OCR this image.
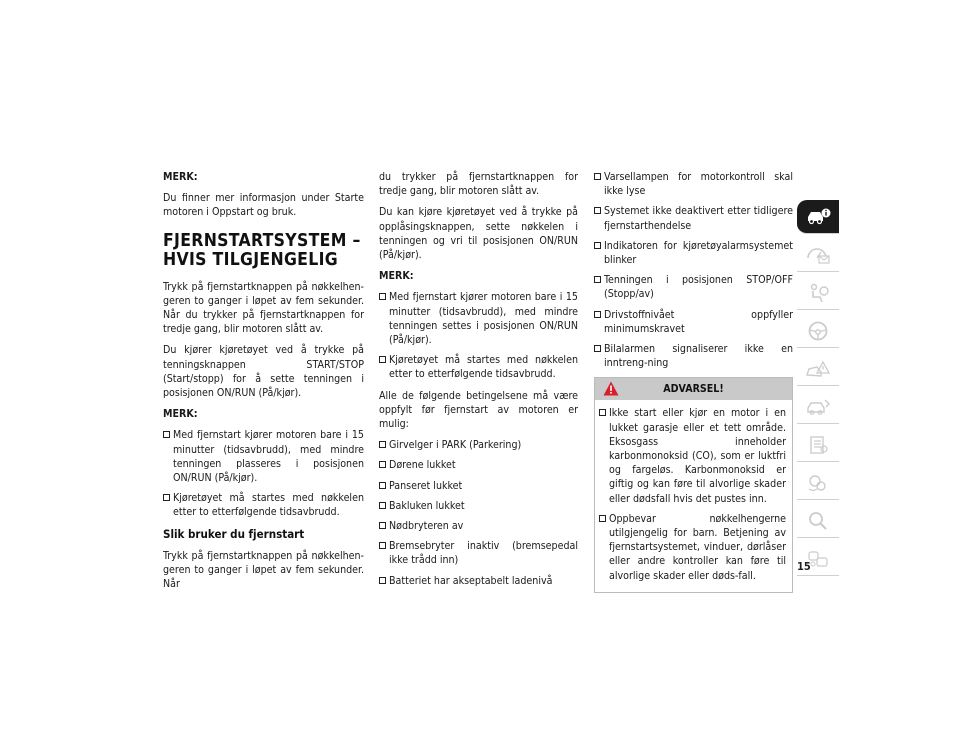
MERK:

Du finner mer informasjon under Starte motoren i Oppstart og bruk.

FJERNSTARTSYSTEM –
HVIS TILGJENGELIG

Trykk på fjernstartknappen på nøkkelhen-geren to ganger i løpet av fem sekunder. Når du trykker på fjernstartknappen for tredje gang, blir motoren slått av.

Du kjører kjøretøyet ved å trykke på tenningsknappen START/STOP (Start/stopp) for å sette tenningen i posisjonen ON/RUN (På/kjør).

MERK:

Med fjernstart kjører motoren bare i 15 minutter (tidsavbrudd), med mindre tenningen plasseres i posisjonen ON/RUN (På/kjør).
Kjøretøyet må startes med nøkkelen etter to etterfølgende tidsavbrudd.
Slik bruker du fjernstart

Trykk på fjernstartknappen på nøkkelhen-geren to ganger i løpet av fem sekunder. Når

du trykker på fjernstartknappen for tredje gang, blir motoren slått av.

Du kan kjøre kjøretøyet ved å trykke på opplåsingsknappen, sette nøkkelen i tenningen og vri til posisjonen ON/RUN (På/kjør).

MERK:

Med fjernstart kjører motoren bare i 15 minutter (tidsavbrudd), med mindre tenningen settes i posisjonen ON/RUN (På/kjør).
Kjøretøyet må startes med nøkkelen etter to etterfølgende tidsavbrudd.

Alle de følgende betingelsene må være oppfylt før fjernstart av motoren er mulig:

Girvelger i PARK (Parkering)
Dørene lukket
Panseret lukket
Bakluken lukket
Nødbryteren av
Bremsebryter inaktiv (bremsepedal ikke trådd inn)
Batteriet har akseptabelt ladenivå
Varsellampen for motorkontroll skal ikke lyse
Systemet ikke deaktivert etter tidligere fjernstarthendelse
Indikatoren for kjøretøyalarmsystemet blinker
Tenningen i posisjonen STOP/OFF (Stopp/av)
Drivstoffnivået oppfyller minimumskravet
Bilalarmen signaliserer ikke en inntreng-ning
ADVARSEL!
Ikke start eller kjør en motor i en lukket garasje eller et tett område. Eksosgass inneholder karbonmonoksid (CO), som er luktfri og fargeløs. Karbonmonoksid er giftig og kan føre til alvorlige skader eller dødsfall hvis det pustes inn.
Oppbevar nøkkelhengerne utilgjengelig for barn. Betjening av fjernstartsystemet, vinduer, dørlåser eller andre kontroller kan føre til alvorlige skader eller døds-fall.
15
